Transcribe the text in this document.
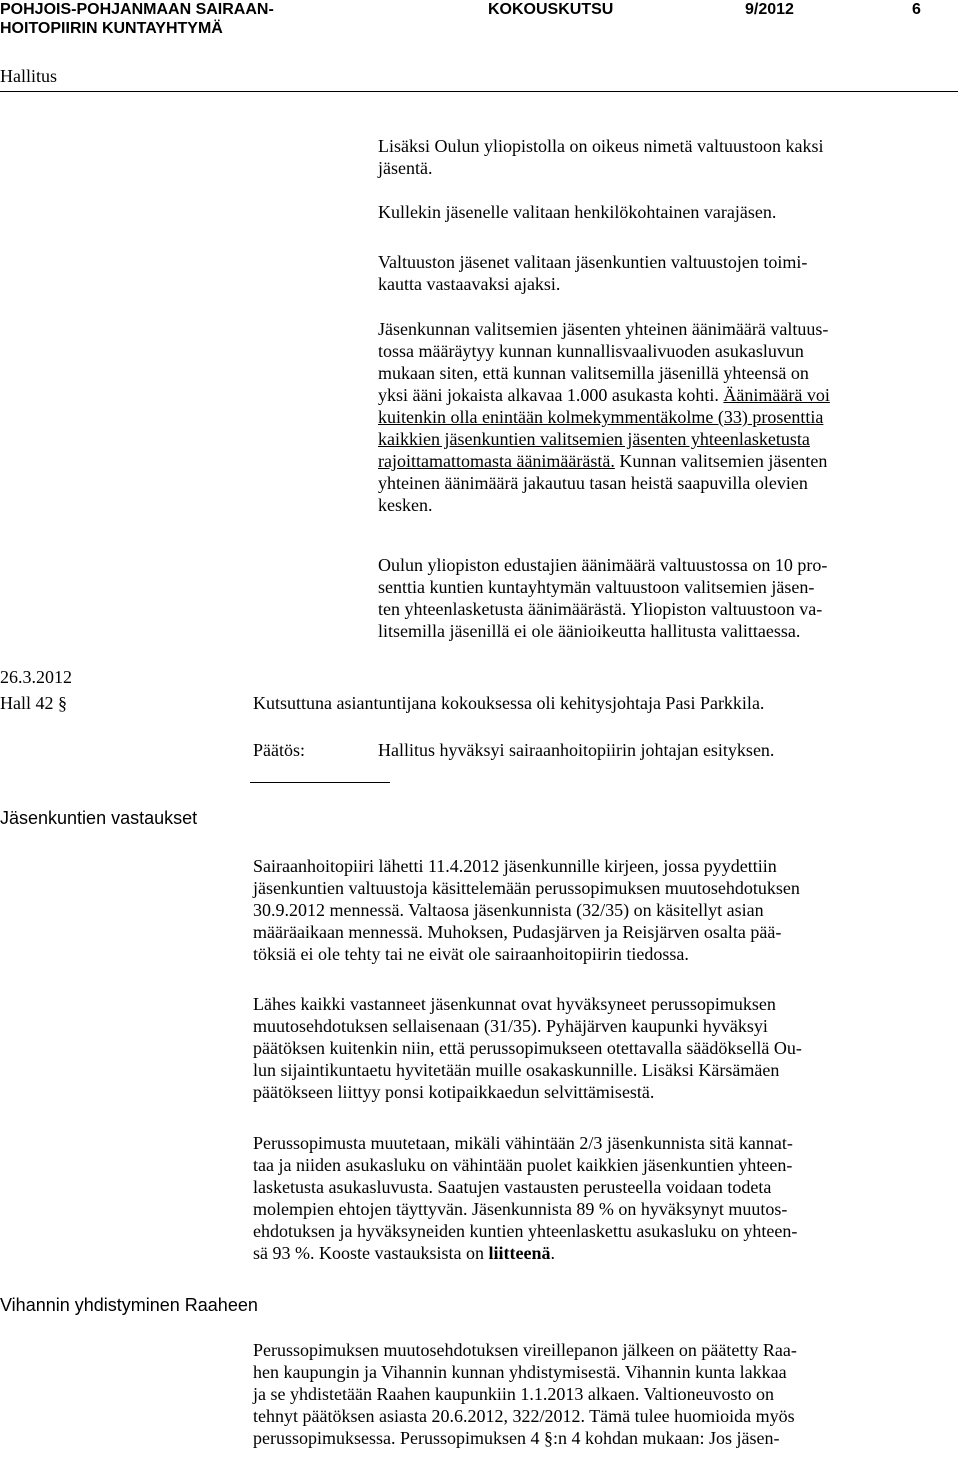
POHJOIS-POHJANMAAN SAIRAAN-
HOITOPIIRIN KUNTAYHTYMÄ
KOKOUSKUTSU	9/2012	6
Hallitus

Lisäksi Oulun yliopistolla on oikeus nimetä valtuustoon kaksi
jäsentä.

Kullekin jäsenelle valitaan henkilökohtainen varajäsen.

Valtuuston jäsenet valitaan jäsenkuntien valtuustojen toimi-
kautta vastaavaksi ajaksi.

Jäsenkunnan valitsemien jäsenten yhteinen äänimäärä valtuus-
tossa määräytyy kunnan kunnallisvaalivuoden asukasluvun
mukaan siten, että kunnan valitsemilla jäsenillä yhteensä on
yksi ääni jokaista alkavaa 1.000 asukasta kohti. Äänimäärä voi
kuitenkin olla enintään kolmekymmentäkolme (33) prosenttia
kaikkien jäsenkuntien valitsemien jäsenten yhteenlasketusta
rajoittamattomasta äänimäärästä. Kunnan valitsemien jäsenten
yhteinen äänimäärä jakautuu tasan heistä saapuvilla olevien
kesken.

Oulun yliopiston edustajien äänimäärä valtuustossa on 10 pro-
senttia kuntien kuntayhtymän valtuustoon valitsemien jäsen-
ten yhteenlasketusta äänimäärästä. Yliopiston valtuustoon va-
litsemilla jäsenillä ei ole äänioikeutta hallitusta valittaessa.

26.3.2012
Hall 42 §	Kutsuttuna asiantuntijana kokouksessa oli kehitysjohtaja Pasi Parkkila.

Päätös:	Hallitus hyväksyi sairaanhoitopiirin johtajan esityksen.

Jäsenkuntien vastaukset
Vihannin yhdistyminen Raaheen

Sairaanhoitopiiri lähetti 11.4.2012 jäsenkunnille kirjeen, jossa pyydettiin
jäsenkuntien valtuustoja käsittelemään perussopimuksen muutosehdotuksen
30.9.2012 mennessä. Valtaosa jäsenkunnista (32/35) on käsitellyt asian
määräaikaan mennessä. Muhoksen, Pudasjärven ja Reisjärven osalta pää-
töksiä ei ole tehty tai ne eivät ole sairaanhoitopiirin tiedossa.

Lähes kaikki vastanneet jäsenkunnat ovat hyväksyneet perussopimuksen
muutosehdotuksen sellaisenaan (31/35). Pyhäjärven kaupunki hyväksyi
päätöksen kuitenkin niin, että perussopimukseen otettavalla säädöksellä Ou-
lun sijaintikuntaetu hyvitetään muille osakaskunnille. Lisäksi Kärsämäen
päätökseen liittyy ponsi kotipaikkaedun selvittämisestä.

Perussopimusta muutetaan, mikäli vähintään 2/3 jäsenkunnista sitä kannat-
taa ja niiden asukasluku on vähintään puolet kaikkien jäsenkuntien yhteen-
lasketusta asukasluvusta. Saatujen vastausten perusteella voidaan todeta
molempien ehtojen täyttyvän. Jäsenkunnista 89 % on hyväksynyt muutos-
ehdotuksen ja hyväksyneiden kuntien yhteenlaskettu asukasluku on yhteen-
sä 93 %. Kooste vastauksista on liitteenä.

Perussopimuksen muutosehdotuksen vireillepanon jälkeen on päätetty Raa-
hen kaupungin ja Vihannin kunnan yhdistymisestä. Vihannin kunta lakkaa
ja se yhdistetään Raahen kaupunkiin 1.1.2013 alkaen. Valtioneuvosto on
tehnyt päätöksen asiasta 20.6.2012, 322/2012. Tämä tulee huomioida myös
perussopimuksessa. Perussopimuksen 4 §:n 4 kohdan mukaan: Jos jäsen-
